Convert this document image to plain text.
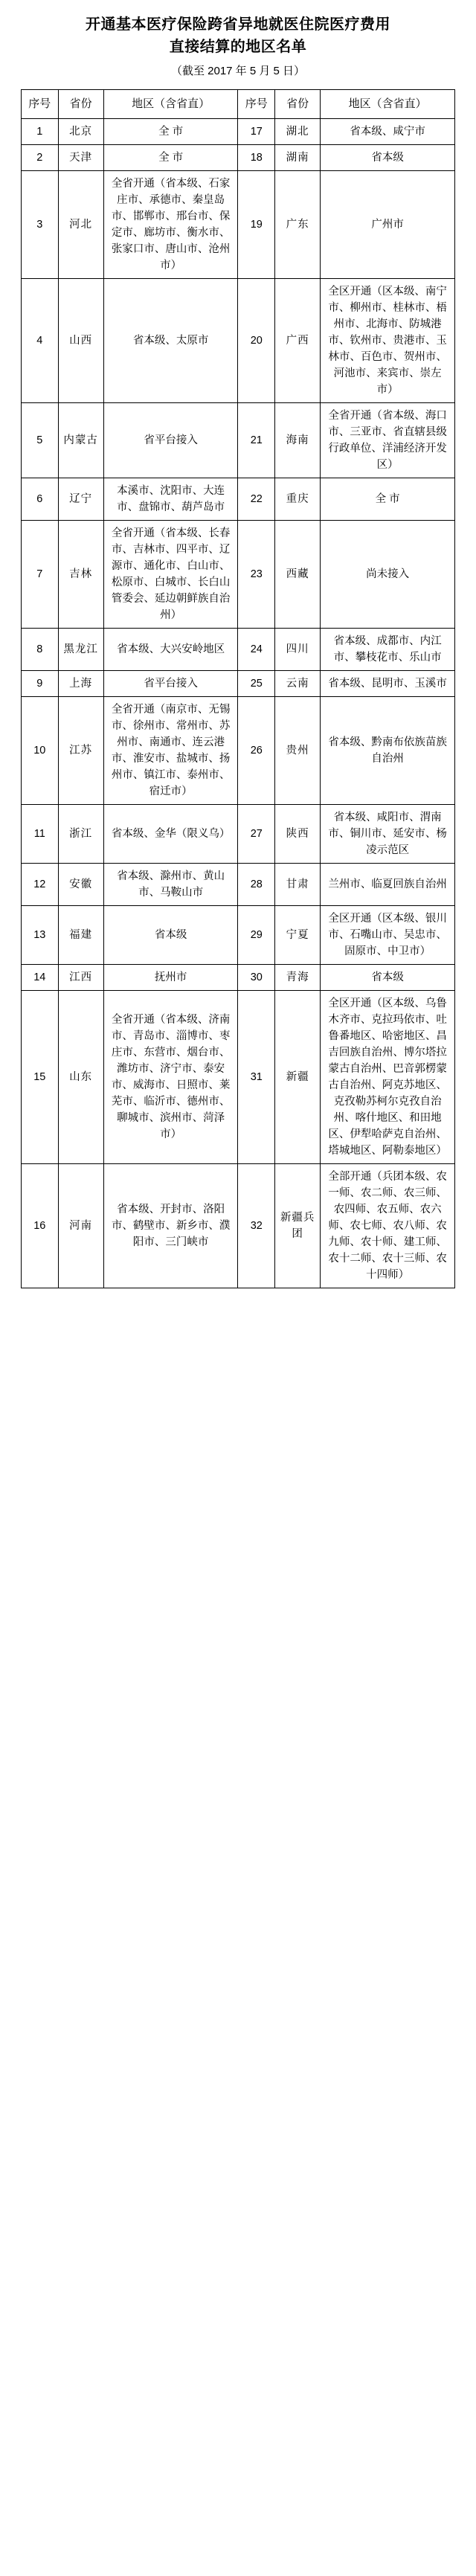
开通基本医疗保险跨省异地就医住院医疗费用
直接结算的地区名单
（截至 2017 年 5 月 5 日）
序号	省份	地区（含省直）	序号	省份	地区（含省直）
1	北京	全 市	17	湖北	省本级、咸宁市
2	天津	全 市	18	湖南	省本级
3	河北	全省开通（省本级、石家庄市、承德市、秦皇岛市、邯郸市、邢台市、保定市、廊坊市、衡水市、张家口市、唐山市、沧州市）	19	广东	广州市
4	山西	省本级、太原市	20	广西	全区开通（区本级、南宁市、柳州市、桂林市、梧州市、北海市、防城港市、钦州市、贵港市、玉林市、百色市、贺州市、河池市、来宾市、崇左市）
5	内蒙古	省平台接入	21	海南	全省开通（省本级、海口市、三亚市、省直辖县级行政单位、洋浦经济开发区）
6	辽宁	本溪市、沈阳市、大连市、盘锦市、葫芦岛市	22	重庆	全 市
7	吉林	全省开通（省本级、长春市、吉林市、四平市、辽源市、通化市、白山市、松原市、白城市、长白山管委会、延边朝鲜族自治州）	23	西藏	尚未接入
8	黑龙江	省本级、大兴安岭地区	24	四川	省本级、成都市、内江市、攀枝花市、乐山市
9	上海	省平台接入	25	云南	省本级、昆明市、玉溪市
10	江苏	全省开通（南京市、无锡市、徐州市、常州市、苏州市、南通市、连云港市、淮安市、盐城市、扬州市、镇江市、泰州市、宿迁市）	26	贵州	省本级、黔南布依族苗族自治州
11	浙江	省本级、金华（限义乌）	27	陕西	省本级、咸阳市、渭南市、铜川市、延安市、杨凌示范区
12	安徽	省本级、滁州市、黄山市、马鞍山市	28	甘肃	兰州市、临夏回族自治州
13	福建	省本级	29	宁夏	全区开通（区本级、银川市、石嘴山市、吴忠市、固原市、中卫市）
14	江西	抚州市	30	青海	省本级
15	山东	全省开通（省本级、济南市、青岛市、淄博市、枣庄市、东营市、烟台市、潍坊市、济宁市、泰安市、威海市、日照市、莱芜市、临沂市、德州市、聊城市、滨州市、菏泽市）	31	新疆	全区开通（区本级、乌鲁木齐市、克拉玛依市、吐鲁番地区、哈密地区、昌吉回族自治州、博尔塔拉蒙古自治州、巴音郭楞蒙古自治州、阿克苏地区、克孜勒苏柯尔克孜自治州、喀什地区、和田地区、伊犁哈萨克自治州、塔城地区、阿勒泰地区）
16	河南	省本级、开封市、洛阳市、鹤壁市、新乡市、濮阳市、三门峡市	32	新疆兵团	全部开通（兵团本级、农一师、农二师、农三师、农四师、农五师、农六师、农七师、农八师、农九师、农十师、建工师、农十二师、农十三师、农十四师）
